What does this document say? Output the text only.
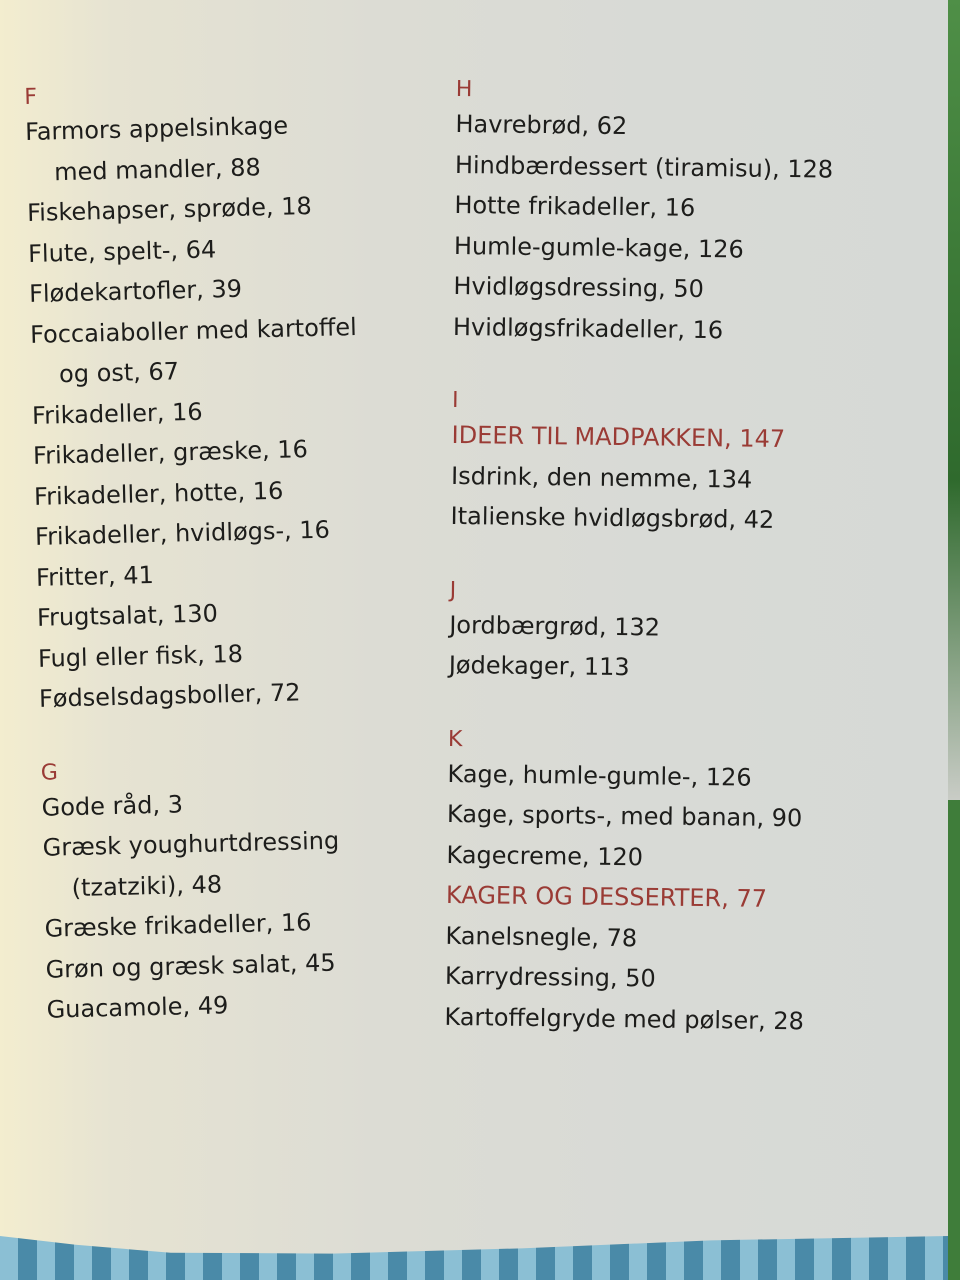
F
Farmors appelsinkage
med mandler, 88
Fiskehapser, sprøde, 18
Flute, spelt-, 64
Flødekartofler, 39
Foccaiaboller med kartoffel
og ost, 67
Frikadeller, 16
Frikadeller, græske, 16
Frikadeller, hotte, 16
Frikadeller, hvidløgs-, 16
Fritter, 41
Frugtsalat, 130
Fugl eller fisk, 18
Fødselsdagsboller, 72
G
Gode råd, 3
Græsk youghurtdressing
(tzatziki), 48
Græske frikadeller, 16
Grøn og græsk salat, 45
Guacamole, 49
H
Havrebrød, 62
Hindbærdessert (tiramisu), 128
Hotte frikadeller, 16
Humle-gumle-kage, 126
Hvidløgsdressing, 50
Hvidløgsfrikadeller, 16
I
IDEER TIL MADPAKKEN, 147
Isdrink, den nemme, 134
Italienske hvidløgsbrød, 42
J
Jordbærgrød, 132
Jødekager, 113
K
Kage, humle-gumle-, 126
Kage, sports-, med banan, 90
Kagecreme, 120
KAGER OG DESSERTER, 77
Kanelsnegle, 78
Karrydressing, 50
Kartoffelgryde med pølser, 28
